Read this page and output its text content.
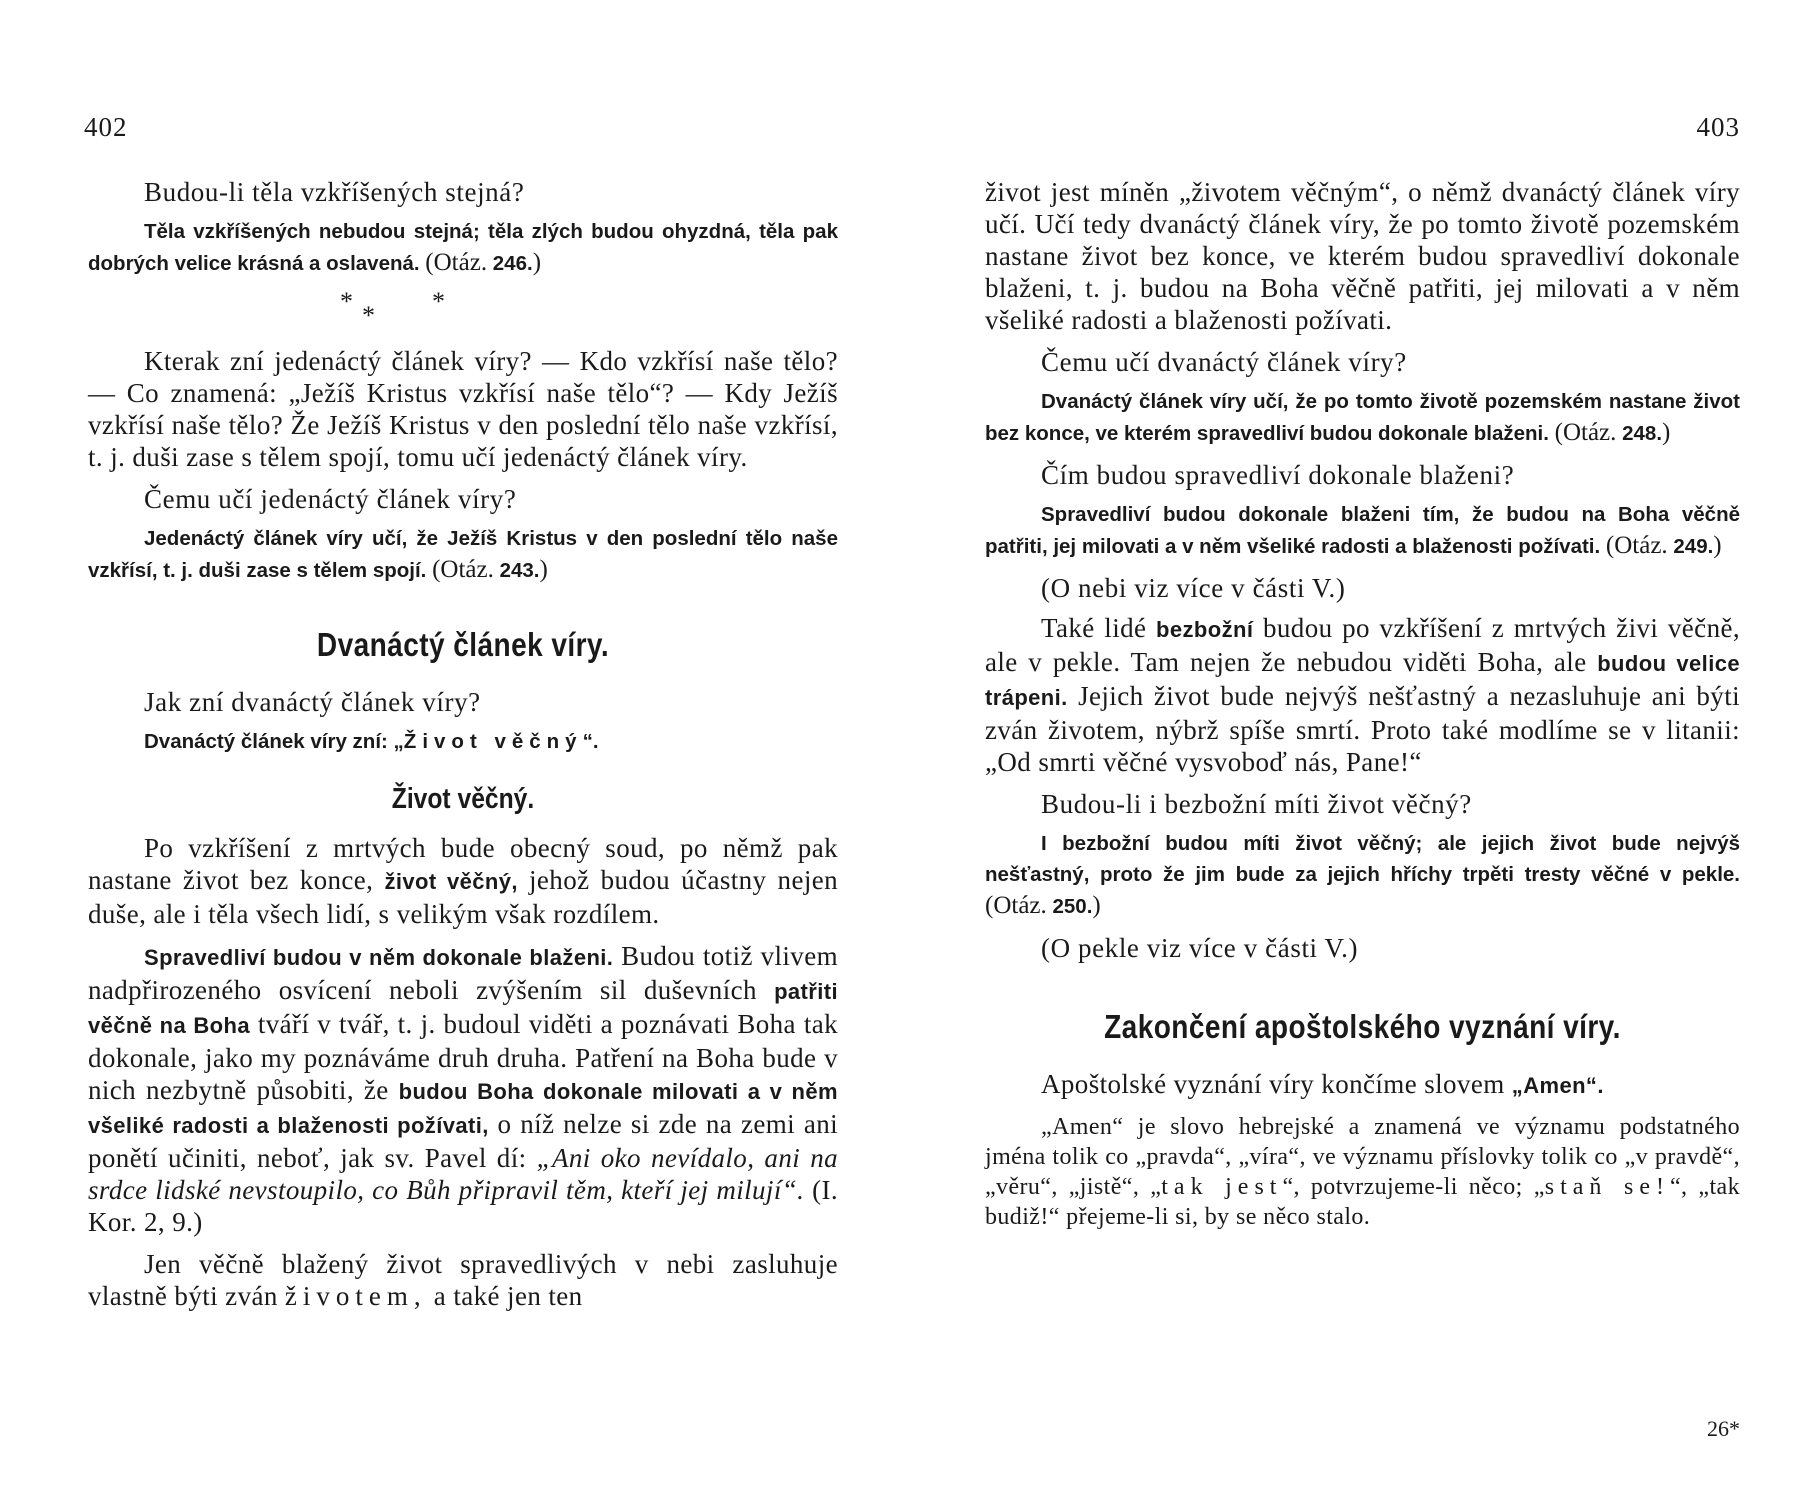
402

Budou-li těla vzkříšených stejná?

Těla vzkříšených nebudou stejná; těla zlých budou ohyzdná, těla pak dobrých velice krásná a oslavená. (Otáz. 246.)

* * *

Kterak zní jedenáctý článek víry? — Kdo vzkřísí naše tělo? — Co znamená: „Ježíš Kristus vzkřísí naše tělo“? — Kdy Ježíš vzkřísí naše tělo? Že Ježíš Kristus v den poslední tělo naše vzkřísí, t. j. duši zase s tělem spojí, tomu učí jedenáctý článek víry.

Čemu učí jedenáctý článek víry?

Jedenáctý článek víry učí, že Ježíš Kristus v den poslední tělo naše vzkřísí, t. j. duši zase s tělem spojí. (Otáz. 243.)

Dvanáctý článek víry.

Jak zní dvanáctý článek víry?

Dvanáctý článek víry zní: „Život věčný“.

Život věčný.

Po vzkříšení z mrtvých bude obecný soud, po němž pak nastane život bez konce, život věčný, jehož budou účastny nejen duše, ale i těla všech lidí, s velikým však rozdílem.

Spravedliví budou v něm dokonale blaženi. Budou totiž vlivem nadpřirozeného osvícení neboli zvýšením sil duševních patřiti věčně na Boha tváří v tvář, t. j. budoul viděti a poznávati Boha tak dokonale, jako my poznáváme druh druha. Patření na Boha bude v nich nezbytně působiti, že budou Boha dokonale milovati a v něm všeliké radosti a blaženosti požívati, o níž nelze si zde na zemi ani ponětí učiniti, neboť, jak sv. Pavel dí: „Ani oko nevídalo, ani na srdce lidské nevstoupilo, co Bůh připravil těm, kteří jej milují“. (I. Kor. 2, 9.)

Jen věčně blažený život spravedlivých v nebi zasluhuje vlastně býti zván životem, a také jen ten

403

život jest míněn „životem věčným“, o němž dvanáctý článek víry učí. Učí tedy dvanáctý článek víry, že po tomto životě pozemském nastane život bez konce, ve kterém budou spravedliví dokonale blaženi, t. j. budou na Boha věčně patřiti, jej milovati a v něm všeliké radosti a blaženosti požívati.

Čemu učí dvanáctý článek víry?

Dvanáctý článek víry učí, že po tomto životě pozemském nastane život bez konce, ve kterém spravedliví budou dokonale blaženi. (Otáz. 248.)

Čím budou spravedliví dokonale blaženi?

Spravedliví budou dokonale blaženi tím, že budou na Boha věčně patřiti, jej milovati a v něm všeliké radosti a blaženosti požívati. (Otáz. 249.)

(O nebi viz více v části V.)

Také lidé bezbožní budou po vzkříšení z mrtvých živi věčně, ale v pekle. Tam nejen že nebudou viděti Boha, ale budou velice trápeni. Jejich život bude nejvýš nešťastný a nezasluhuje ani býti zván životem, nýbrž spíše smrtí. Proto také modlíme se v litanii: „Od smrti věčné vysvoboď nás, Pane!“

Budou-li i bezbožní míti život věčný?

I bezbožní budou míti život věčný; ale jejich život bude nejvýš nešťastný, proto že jim bude za jejich hříchy trpěti tresty věčné v pekle. (Otáz. 250.)

(O pekle viz více v části V.)

Zakončení apoštolského vyznání víry.

Apoštolské vyznání víry končíme slovem „Amen“.

„Amen“ je slovo hebrejské a znamená ve významu podstatného jména tolik co „pravda“, „víra“, ve významu příslovky tolik co „v pravdě“, „věru“, „jistě“, „tak jest“, potvrzujeme-li něco; „staň se!“, „tak budiž!“ přejeme-li si, by se něco stalo.

26*
